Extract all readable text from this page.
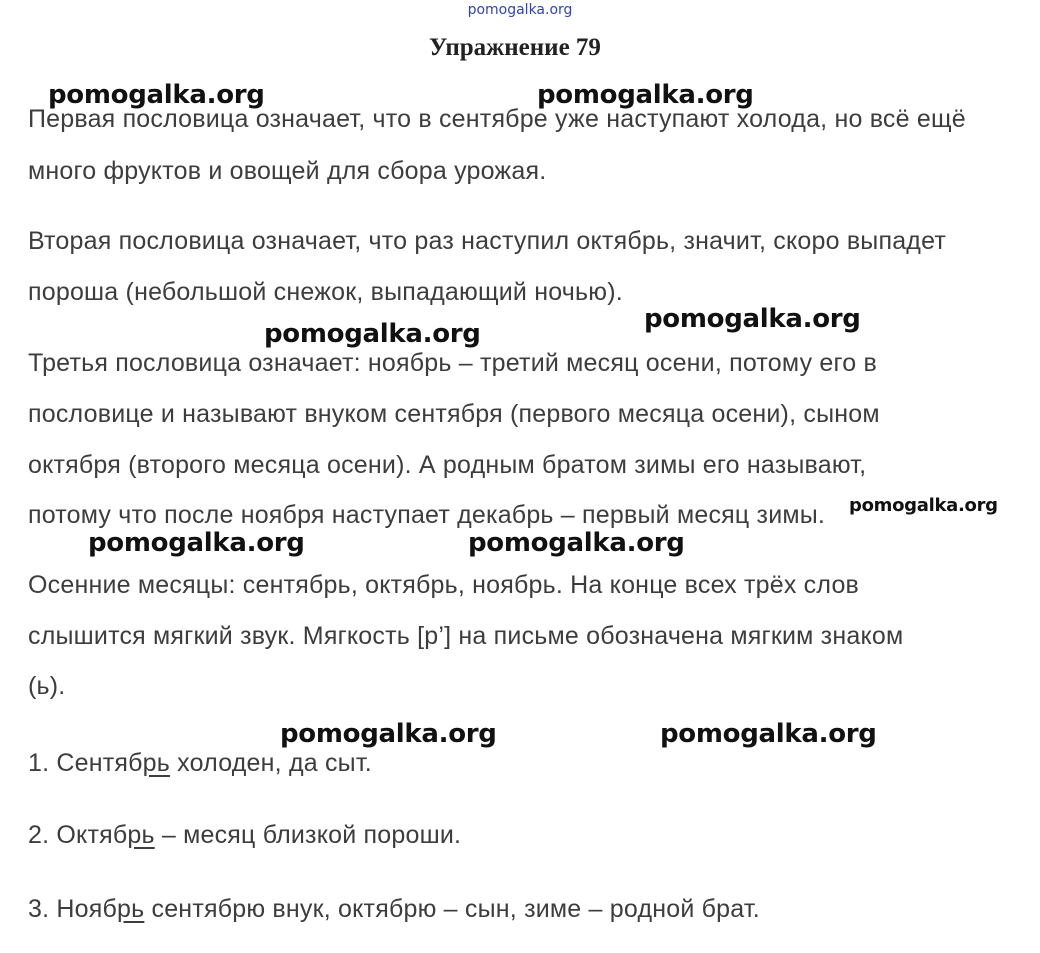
pomogalka.org
Упражнение 79
Первая пословица означает, что в сентябре уже наступают холода, но всё ещё
много фруктов и овощей для сбора урожая.
Вторая пословица означает, что раз наступил октябрь, значит, скоро выпадет
пороша (небольшой снежок, выпадающий ночью).
Третья пословица означает: ноябрь – третий месяц осени, потому его в
пословице и называют внуком сентября (первого месяца осени), сыном
октября (второго месяца осени). А родным братом зимы его называют,
потому что после ноября наступает декабрь – первый месяц зимы.
Осенние месяцы: сентябрь, октябрь, ноябрь. На конце всех трёх слов
слышится мягкий звук. Мягкость [р’] на письме обозначена мягким знаком
(ь).
1. Сентябрь холоден, да сыт.
2. Октябрь – месяц близкой пороши.
3. Ноябрь сентябрю внук, октябрю – сын, зиме – родной брат.
pomogalka.org	pomogalka.org
pomogalka.org	pomogalka.org
pomogalka.org
pomogalka.org	pomogalka.org
pomogalka.org	pomogalka.org
